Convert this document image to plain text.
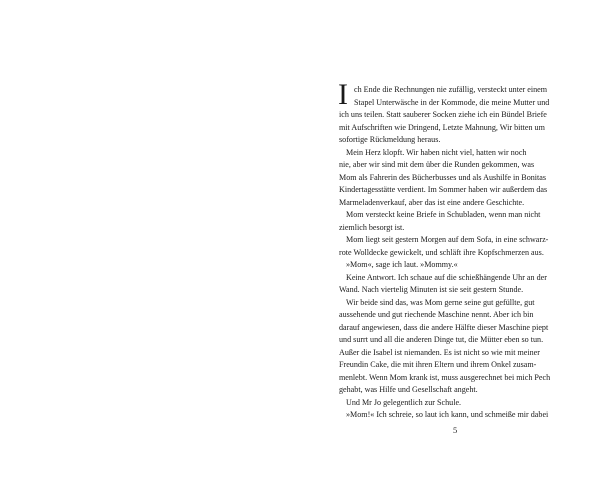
I ch Ende die Rechnungen nie zufällig, versteckt unter einem
Stapel Unterwäsche in der Kommode, die meine Mutter und
ich uns teilen. Statt sauberer Socken ziehe ich ein Bündel Briefe
mit Aufschriften wie Dringend, Letzte Mahnung, Wir bitten um
sofortige Rückmeldung heraus.
Mein Herz klopft. Wir haben nicht viel, hatten wir noch
nie, aber wir sind mit dem über die Runden gekommen, was
Mom als Fahrerin des Bücherbusses und als Aushilfe in Bonitas
Kindertagesstätte verdient. Im Sommer haben wir außerdem das
Marmeladenverkauf, aber das ist eine andere Geschichte.
Mom versteckt keine Briefe in Schubladen, wenn man nicht
ziemlich besorgt ist.
Mom liegt seit gestern Morgen auf dem Sofa, in eine schwarz-
rote Wolldecke gewickelt, und schläft ihre Kopfschmerzen aus.
»Mom«, sage ich laut. »Mommy.«
Keine Antwort. Ich schaue auf die schießhängende Uhr an der
Wand. Nach viertelig Minuten ist sie seit gestern Stunde.
Wir beide sind das, was Mom gerne seine gut gefüllte, gut
aussehende und gut riechende Maschine nennt. Aber ich bin
darauf angewiesen, dass die andere Hälfte dieser Maschine piept
und surrt und all die anderen Dinge tut, die Mütter eben so tun.
Außer die Isabel ist niemanden. Es ist nicht so wie mit meiner
Freundin Cake, die mit ihren Eltern und ihrem Onkel zusam-
menlebt. Wenn Mom krank ist, muss ausgerechnet bei mich Pech
gehabt, was Hilfe und Gesellschaft angeht.
Und Mr Jo gelegentlich zur Schule.
»Mom!« Ich schreie, so laut ich kann, und schmeiße mir dabei
5
